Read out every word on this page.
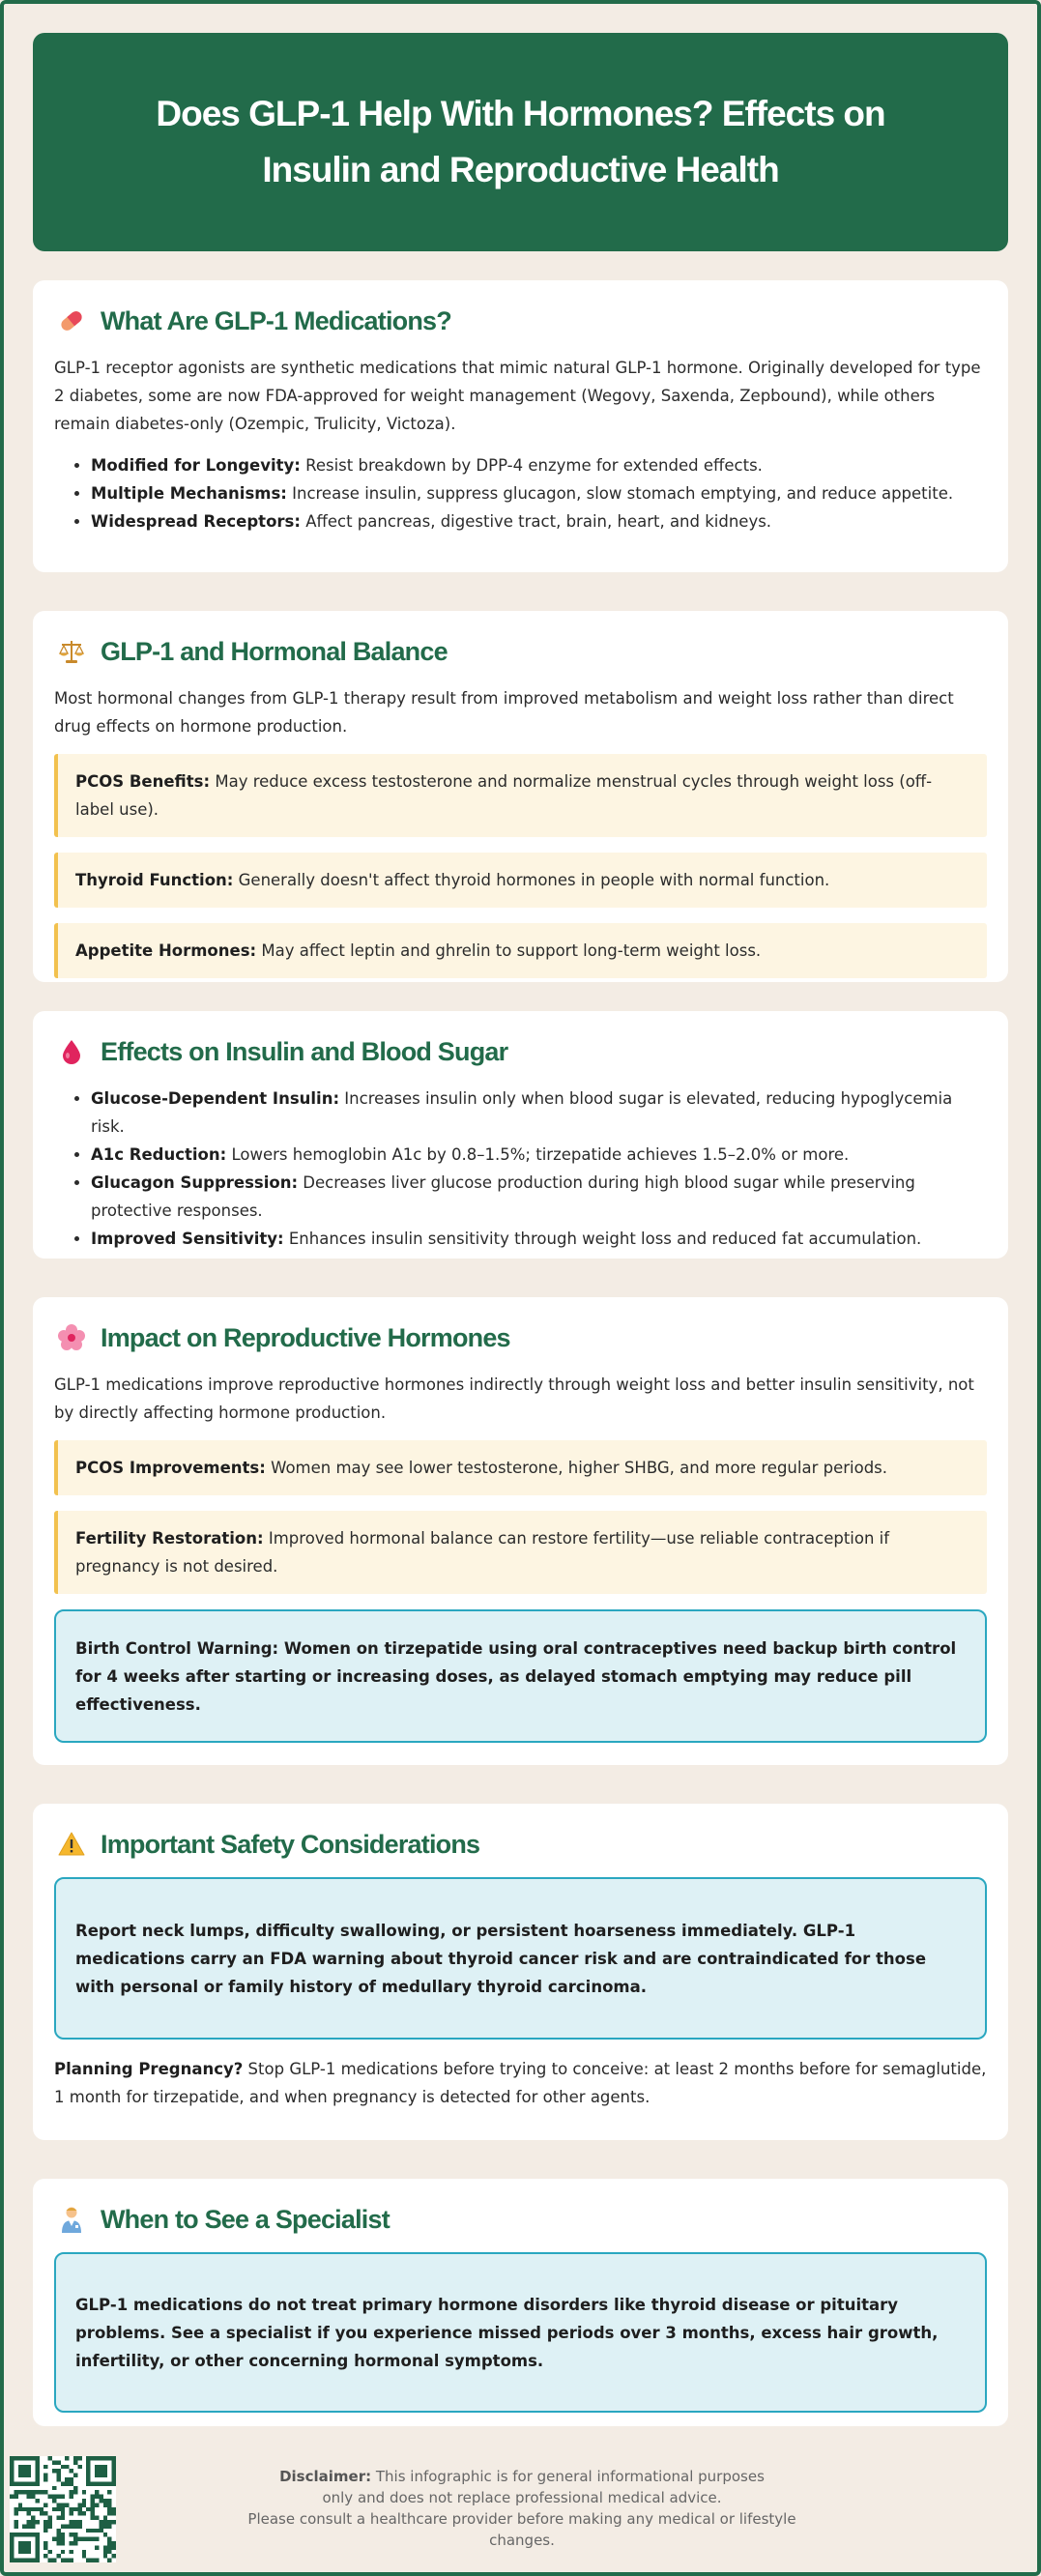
Does GLP-1 Help With Hormones? Effects on Insulin and Reproductive Health
What Are GLP-1 Medications?

GLP-1 receptor agonists are synthetic medications that mimic natural GLP-1 hormone. Originally developed for type 2 diabetes, some are now FDA-approved for weight management (Wegovy, Saxenda, Zepbound), while others remain diabetes-only (Ozempic, Trulicity, Victoza).

• Modified for Longevity: Resist breakdown by DPP-4 enzyme for extended effects.
• Multiple Mechanisms: Increase insulin, suppress glucagon, slow stomach emptying, and reduce appetite.
• Widespread Receptors: Affect pancreas, digestive tract, brain, heart, and kidneys.
GLP-1 and Hormonal Balance

Most hormonal changes from GLP-1 therapy result from improved metabolism and weight loss rather than direct drug effects on hormone production.

PCOS Benefits: May reduce excess testosterone and normalize menstrual cycles through weight loss (off-label use).
Thyroid Function: Generally doesn't affect thyroid hormones in people with normal function.
Appetite Hormones: May affect leptin and ghrelin to support long-term weight loss.
Effects on Insulin and Blood Sugar
• Glucose-Dependent Insulin: Increases insulin only when blood sugar is elevated, reducing hypoglycemia risk.
• A1c Reduction: Lowers hemoglobin A1c by 0.8–1.5%; tirzepatide achieves 1.5–2.0% or more.
• Glucagon Suppression: Decreases liver glucose production during high blood sugar while preserving protective responses.
• Improved Sensitivity: Enhances insulin sensitivity through weight loss and reduced fat accumulation.
Impact on Reproductive Hormones

GLP-1 medications improve reproductive hormones indirectly through weight loss and better insulin sensitivity, not by directly affecting hormone production.

PCOS Improvements: Women may see lower testosterone, higher SHBG, and more regular periods.
Fertility Restoration: Improved hormonal balance can restore fertility—use reliable contraception if pregnancy is not desired.
Birth Control Warning: Women on tirzepatide using oral contraceptives need backup birth control for 4 weeks after starting or increasing doses, as delayed stomach emptying may reduce pill effectiveness.
Important Safety Considerations
Report neck lumps, difficulty swallowing, or persistent hoarseness immediately. GLP-1 medications carry an FDA warning about thyroid cancer risk and are contraindicated for those with personal or family history of medullary thyroid carcinoma.

Planning Pregnancy? Stop GLP-1 medications before trying to conceive: at least 2 months before for semaglutide, 1 month for tirzepatide, and when pregnancy is detected for other agents.

When to See a Specialist
GLP-1 medications do not treat primary hormone disorders like thyroid disease or pituitary problems. See a specialist if you experience missed periods over 3 months, excess hair growth, infertility, or other concerning hormonal symptoms.
Disclaimer: This infographic is for general informational purposes
only and does not replace professional medical advice.
Please consult a healthcare provider before making any medical or lifestyle changes.
